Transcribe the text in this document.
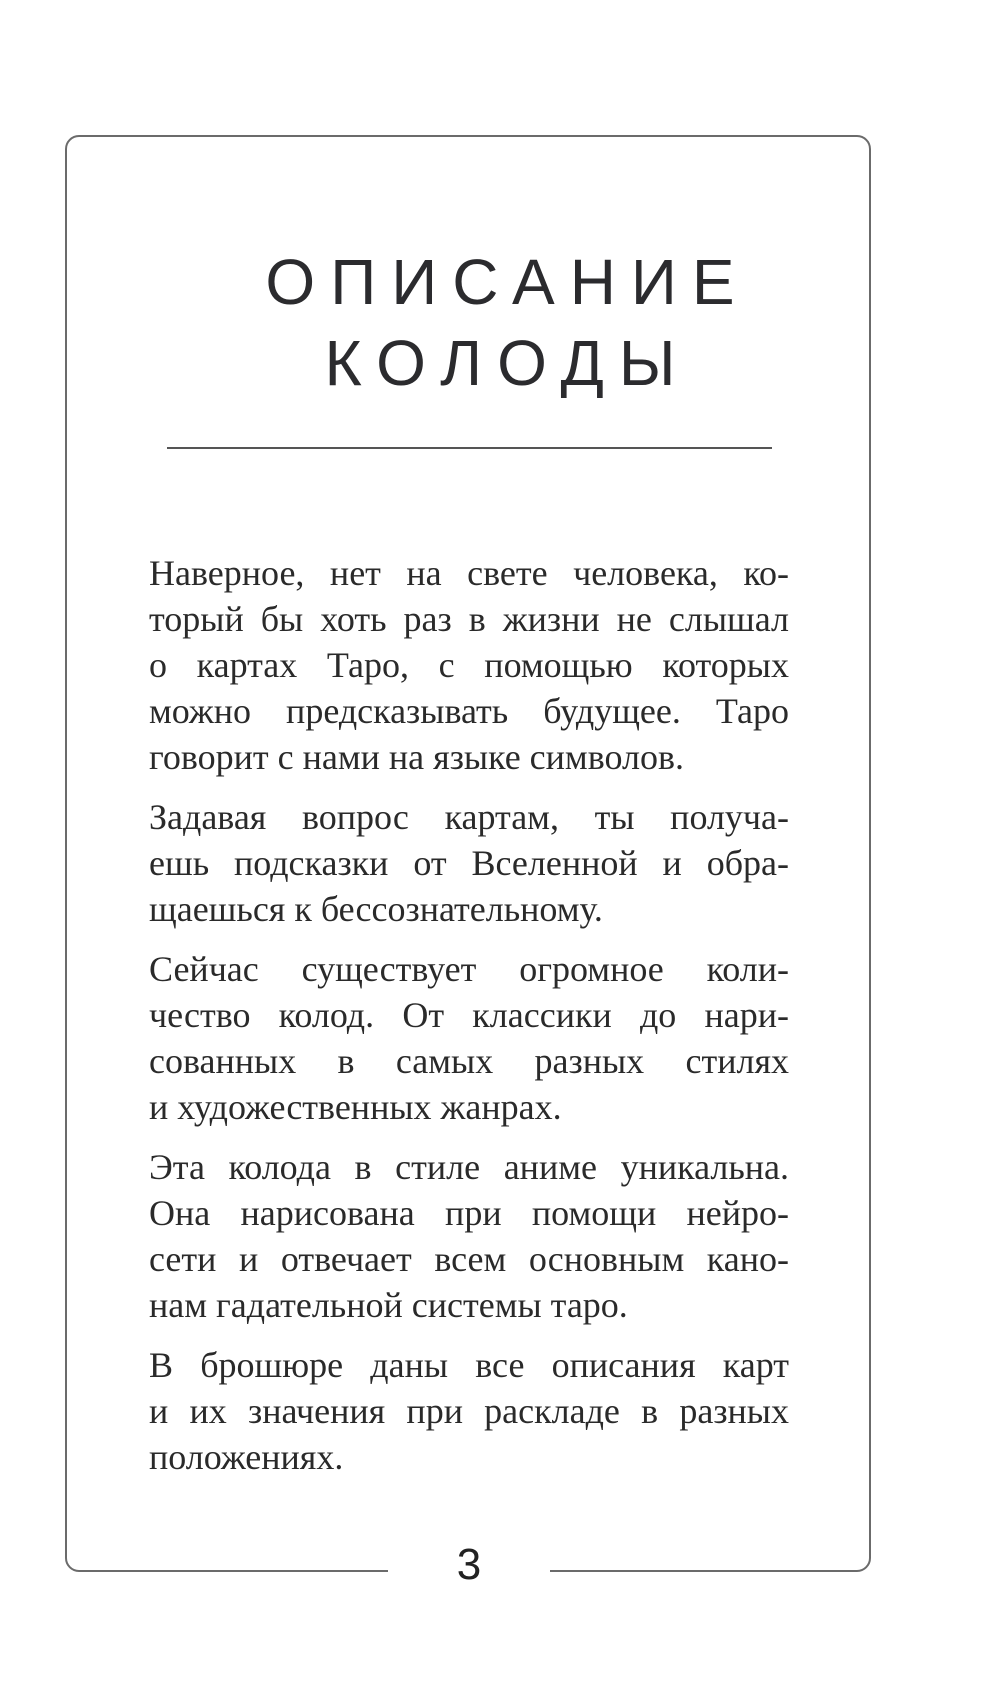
ОПИСАНИЕ
КОЛОДЫ
Наверное, нет на свете человека, ко-
торый бы хоть раз в жизни не слышал
о картах Таро, с помощью которых
можно предсказывать будущее. Таро
говорит с нами на языке символов.
Задавая вопрос картам, ты получа-
ешь подсказки от Вселенной и обра-
щаешься к бессознательному.
Сейчас существует огромное коли-
чество колод. От классики до нари-
сованных в самых разных стилях
и художественных жанрах.
Эта колода в стиле аниме уникальна.
Она нарисована при помощи нейро-
сети и отвечает всем основным кано-
нам гадательной системы таро.
В брошюре даны все описания карт
и их значения при раскладе в разных
положениях.
3
